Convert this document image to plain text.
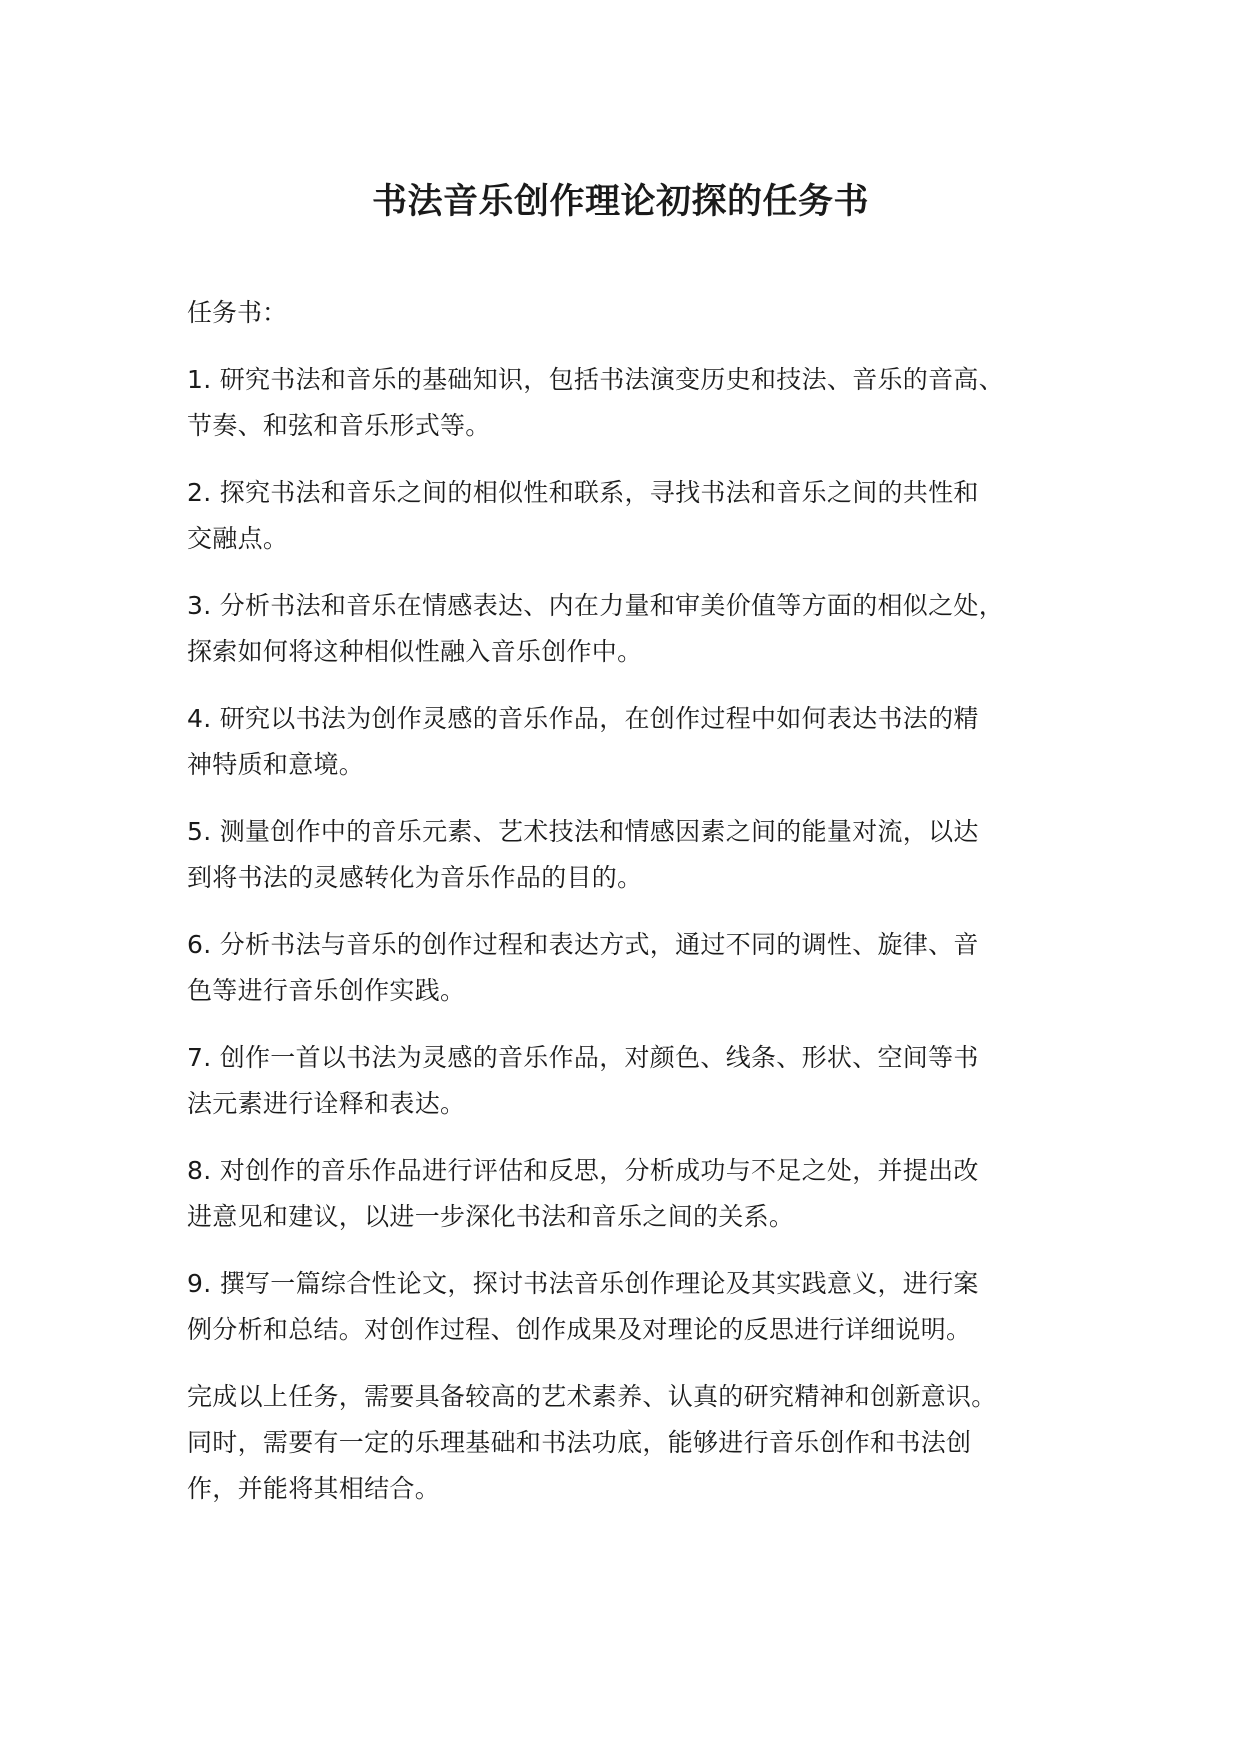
书法音乐创作理论初探的任务书

任务书：

1. 研究书法和音乐的基础知识，包括书法演变历史和技法、音乐的音高、
节奏、和弦和音乐形式等。
2. 探究书法和音乐之间的相似性和联系，寻找书法和音乐之间的共性和
交融点。
3. 分析书法和音乐在情感表达、内在力量和审美价值等方面的相似之处，
探索如何将这种相似性融入音乐创作中。
4. 研究以书法为创作灵感的音乐作品，在创作过程中如何表达书法的精
神特质和意境。
5. 测量创作中的音乐元素、艺术技法和情感因素之间的能量对流，以达
到将书法的灵感转化为音乐作品的目的。
6. 分析书法与音乐的创作过程和表达方式，通过不同的调性、旋律、音
色等进行音乐创作实践。
7. 创作一首以书法为灵感的音乐作品，对颜色、线条、形状、空间等书
法元素进行诠释和表达。
8. 对创作的音乐作品进行评估和反思，分析成功与不足之处，并提出改
进意见和建议，以进一步深化书法和音乐之间的关系。
9. 撰写一篇综合性论文，探讨书法音乐创作理论及其实践意义，进行案
例分析和总结。对创作过程、创作成果及对理论的反思进行详细说明。
完成以上任务，需要具备较高的艺术素养、认真的研究精神和创新意识。
同时，需要有一定的乐理基础和书法功底，能够进行音乐创作和书法创
作，并能将其相结合。
